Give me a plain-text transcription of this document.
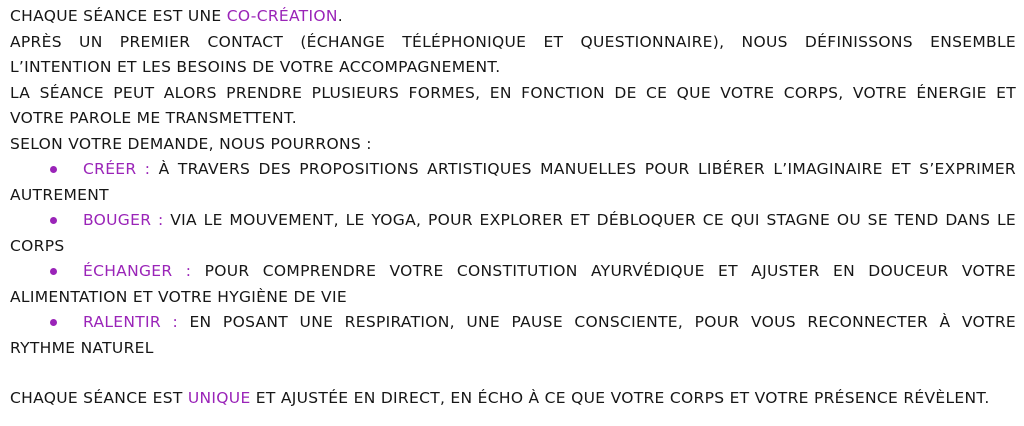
CHAQUE SÉANCE EST UNE CO-CRÉATION.
APRÈS UN PREMIER CONTACT (ÉCHANGE TÉLÉPHONIQUE ET QUESTIONNAIRE), NOUS DÉFINISSONS ENSEMBLE
L’INTENTION ET LES BESOINS DE VOTRE ACCOMPAGNEMENT.
LA SÉANCE PEUT ALORS PRENDRE PLUSIEURS FORMES, EN FONCTION DE CE QUE VOTRE CORPS, VOTRE ÉNERGIE ET
VOTRE PAROLE ME TRANSMETTENT.
SELON VOTRE DEMANDE, NOUS POURRONS :
CRÉER : À TRAVERS DES PROPOSITIONS ARTISTIQUES MANUELLES POUR LIBÉRER L’IMAGINAIRE ET S’EXPRIMER
AUTREMENT
BOUGER : VIA LE MOUVEMENT, LE YOGA, POUR EXPLORER ET DÉBLOQUER CE QUI STAGNE OU SE TEND DANS LE
CORPS
ÉCHANGER : POUR COMPRENDRE VOTRE CONSTITUTION AYURVÉDIQUE ET AJUSTER EN DOUCEUR VOTRE
ALIMENTATION ET VOTRE HYGIÈNE DE VIE
RALENTIR : EN POSANT UNE RESPIRATION, UNE PAUSE CONSCIENTE, POUR VOUS RECONNECTER À VOTRE
RYTHME NATUREL
CHAQUE SÉANCE EST UNIQUE ET AJUSTÉE EN DIRECT, EN ÉCHO À CE QUE VOTRE CORPS ET VOTRE PRÉSENCE RÉVÈLENT.
